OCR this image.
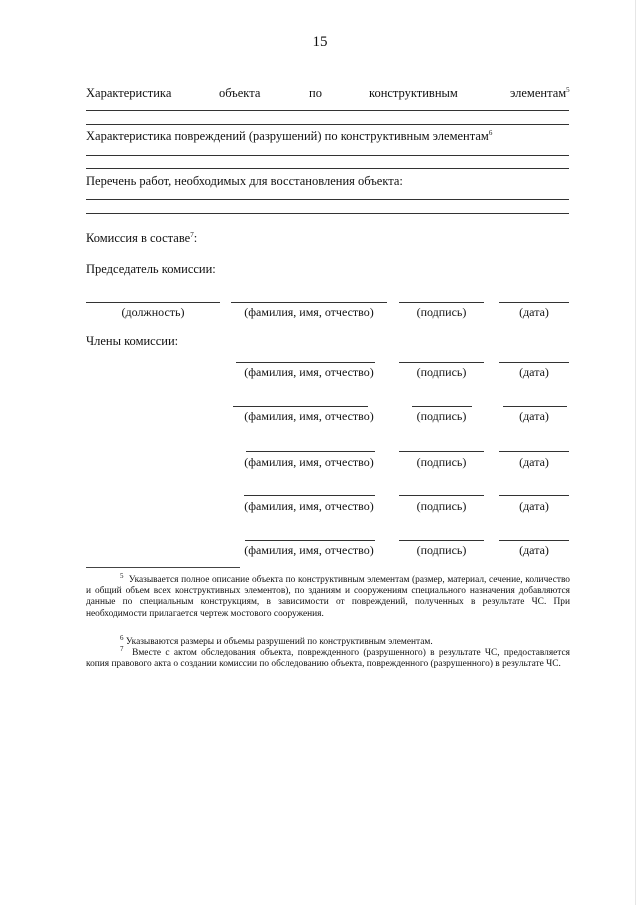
15
Характеристика	объекта	по	конструктивным	элементам$^5$
Характеристика повреждений (разрушений) по конструктивным элементам$^6$
Перечень работ, необходимых для восстановления объекта:
Комиссия в составе$^7$:
Председатель комиссии:
(должность)	(фамилия, имя, отчество)	(подпись)	(дата)
Члены комиссии:
(фамилия, имя, отчество)	(подпись)	(дата)
(фамилия, имя, отчество)	(подпись)	(дата)
(фамилия, имя, отчество)	(подпись)	(дата)
(фамилия, имя, отчество)	(подпись)	(дата)
(фамилия, имя, отчество)	(подпись)	(дата)
$^5$ Указывается полное описание объекта по конструктивным элементам (размер, материал, сечение, количество и общий объем всех конструктивных элементов), по зданиям и сооружениям специального назначения добавляются данные по специальным конструкциям, в зависимости от повреждений, полученных в результате ЧС. При необходимости прилагается чертеж мостового сооружения.
$^6$ Указываются размеры и объемы разрушений по конструктивным элементам.
$^7$ Вместе с актом обследования объекта, поврежденного (разрушенного) в результате ЧС, предоставляется копия правового акта о создании комиссии по обследованию объекта, поврежденного (разрушенного) в результате ЧС.
